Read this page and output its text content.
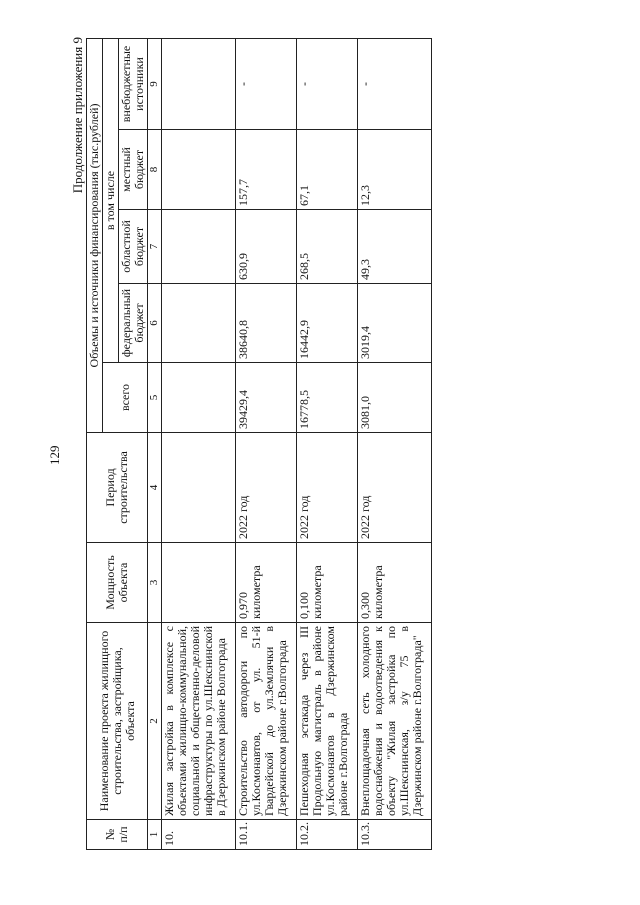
129
Продолжение приложения 9
№ п/п	Наименование проекта жилищного строительства, застройщика, объекта	Мощность объекта	Период строительства	Объемы и источники финансирования (тыс.рублей)				
				всего	в том числе			
					федеральный бюджет	областной бюджет	местный бюджет	внебюджетные источники
1	2	3	4	5	6	7	8	9
10.	Жилая застройка в комплексе с объектами жилищно-коммунальной, социальной и общественно-деловой инфраструктуры по ул.Шекснинской в Дзержинском районе Волгограда							
10.1.	Строительство автодороги по ул.Космонавтов, от ул. 51-й Гвардейской до ул.Землячки в Дзержинском районе г.Волгограда	0,970 километра	2022 год	39429,4	38640,8	630,9	157,7	-
10.2.	Пешеходная эстакада через III Продольную магистраль в районе ул.Космонавтов в Дзержинском районе г.Волгограда	0,100 километра	2022 год	16778,5	16442,9	268,5	67,1	-
10.3.	Внеплощадочная сеть холодного водоснабжения и водоотведения к объекту "Жилая застройка по ул.Шекснинская, з/у 75 в Дзержинском районе г.Волгограда"	0,300 километра	2022 год	3081,0	3019,4	49,3	12,3	-
